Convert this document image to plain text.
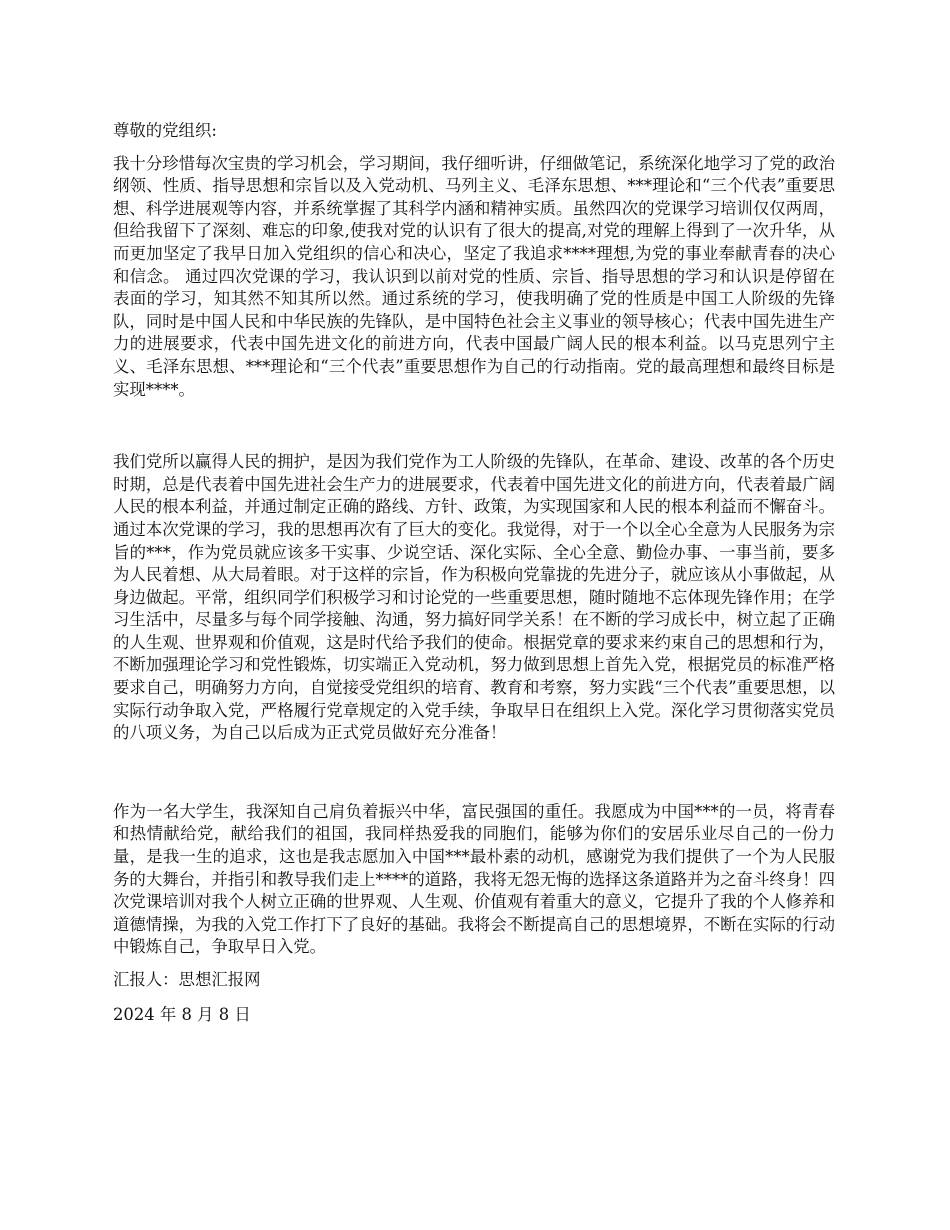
尊敬的党组织:

我十分珍惜每次宝贵的学习机会，学习期间，我仔细听讲，仔细做笔记，系统深化地学习了党的政治纲领、性质、指导思想和宗旨以及入党动机、马列主义、毛泽东思想、***理论和“三个代表”重要思想、科学进展观等内容，并系统掌握了其科学内涵和精神实质。虽然四次的党课学习培训仅仅两周，但给我留下了深刻、难忘的印象,使我对党的认识有了很大的提高,对党的理解上得到了一次升华，从而更加坚定了我早日加入党组织的信心和决心，坚定了我追求****理想,为党的事业奉献青春的决心和信念。 通过四次党课的学习，我认识到以前对党的性质、宗旨、指导思想的学习和认识是停留在表面的学习，知其然不知其所以然。通过系统的学习，使我明确了党的性质是中国工人阶级的先锋队，同时是中国人民和中华民族的先锋队，是中国特色社会主义事业的领导核心；代表中国先进生产力的进展要求，代表中国先进文化的前进方向，代表中国最广阔人民的根本利益。以马克思列宁主义、毛泽东思想、***理论和“三个代表”重要思想作为自己的行动指南。党的最高理想和最终目标是实现****。

我们党所以赢得人民的拥护，是因为我们党作为工人阶级的先锋队，在革命、建设、改革的各个历史时期，总是代表着中国先进社会生产力的进展要求，代表着中国先进文化的前进方向，代表着最广阔人民的根本利益，并通过制定正确的路线、方针、政策，为实现国家和人民的根本利益而不懈奋斗。 通过本次党课的学习，我的思想再次有了巨大的变化。我觉得，对于一个以全心全意为人民服务为宗旨的***，作为党员就应该多干实事、少说空话、深化实际、全心全意、勤俭办事、一事当前，要多为人民着想、从大局着眼。对于这样的宗旨，作为积极向党靠拢的先进分子，就应该从小事做起，从身边做起。平常，组织同学们积极学习和讨论党的一些重要思想，随时随地不忘体现先锋作用；在学习生活中，尽量多与每个同学接触、沟通，努力搞好同学关系！在不断的学习成长中，树立起了正确的人生观、世界观和价值观，这是时代给予我们的使命。根据党章的要求来约束自己的思想和行为，不断加强理论学习和党性锻炼，切实端正入党动机，努力做到思想上首先入党，根据党员的标准严格要求自己，明确努力方向，自觉接受党组织的培育、教育和考察，努力实践“三个代表”重要思想，以实际行动争取入党，严格履行党章规定的入党手续，争取早日在组织上入党。深化学习贯彻落实党员的八项义务，为自己以后成为正式党员做好充分准备！

作为一名大学生，我深知自己肩负着振兴中华，富民强国的重任。我愿成为中国***的一员，将青春和热情献给党，献给我们的祖国，我同样热爱我的同胞们，能够为你们的安居乐业尽自己的一份力量，是我一生的追求，这也是我志愿加入中国***最朴素的动机，感谢党为我们提供了一个为人民服务的大舞台，并指引和教导我们走上****的道路，我将无怨无悔的选择这条道路并为之奋斗终身！四次党课培训对我个人树立正确的世界观、人生观、价值观有着重大的意义，它提升了我的个人修养和道德情操，为我的入党工作打下了良好的基础。我将会不断提高自己的思想境界，不断在实际的行动中锻炼自己，争取早日入党。

汇报人：思想汇报网

2024 年 8 月 8 日
